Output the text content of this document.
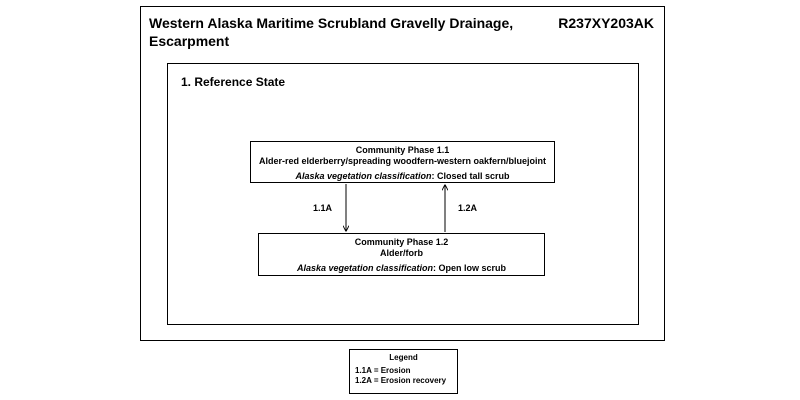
Western Alaska Maritime Scrubland Gravelly Drainage, Escarpment
R237XY203AK
1. Reference State
Community Phase 1.1
Alder-red elderberry/spreading woodfern-western oakfern/bluejoint
Alaska vegetation classification: Closed tall scrub
Community Phase 1.2
Alder/forb
Alaska vegetation classification: Open low scrub
1.1A	1.2A
Legend
1.1A = Erosion
1.2A = Erosion recovery
